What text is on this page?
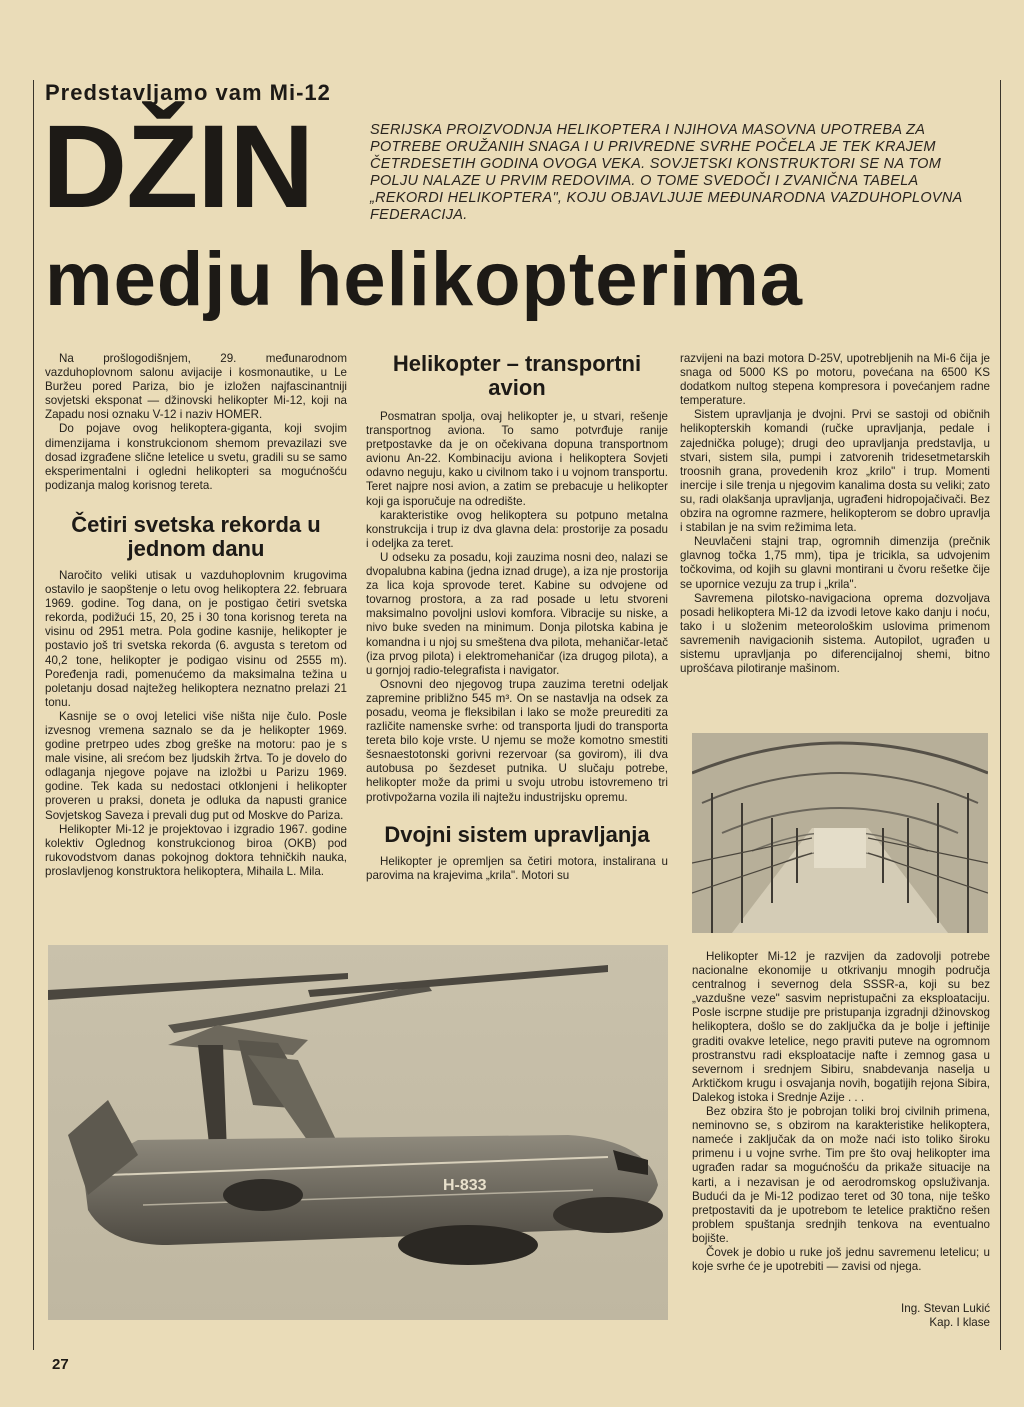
Predstavljamo vam Mi-12
DŽIN	SERIJSKA PROIZVODNJA HELIKOPTERA I NJIHOVA MASOVNA UPOTREBA ZA POTREBE ORUŽANIH SNAGA I U PRIVREDNE SVRHE POČELA JE TEK KRAJEM ČETRDESETIH GODINA OVOGA VEKA. SOVJETSKI KONSTRUKTORI SE NA TOM POLJU NALAZE U PRVIM REDOVIMA. O TOME SVEDOČI I ZVANIČNA TABELA „REKORDI HELIKOPTERA", KOJU OBJAVLJUJE MEĐUNARODNA VAZDUHOPLOVNA FEDERACIJA.
medju helikopterima

Na prošlogodišnjem, 29. međunarodnom vazduhoplovnom salonu avijacije i kosmonautike, u Le Buržeu pored Pariza, bio je izložen najfascinantniji sovjetski eksponat — džinovski helikopter Mi-12, koji na Zapadu nosi oznaku V-12 i naziv HOMER.

Do pojave ovog helikoptera-giganta, koji svojim dimenzijama i konstrukcionom shemom prevazilazi sve dosad izgrađene slične letelice u svetu, gradili su se samo eksperimentalni i ogledni helikopteri sa mogućnošću podizanja malog korisnog tereta.

Četiri svetska rekorda u jednom danu

Naročito veliki utisak u vazduhoplovnim krugovima ostavilo je saopštenje o letu ovog helikoptera 22. februara 1969. godine. Tog dana, on je postigao četiri svetska rekorda, podižući 15, 20, 25 i 30 tona korisnog tereta na visinu od 2951 metra. Pola godine kasnije, helikopter je postavio još tri svetska rekorda (6. avgusta s teretom od 40,2 tone, helikopter je podigao visinu od 2555 m). Poređenja radi, pomenućemo da maksimalna težina u poletanju dosad najtežeg helikoptera neznatno prelazi 21 tonu.

Kasnije se o ovoj letelici više ništa nije čulo. Posle izvesnog vremena saznalo se da je helikopter 1969. godine pretrpeo udes zbog greške na motoru: pao je s male visine, ali srećom bez ljudskih žrtva. To je dovelo do odlaganja njegove pojave na izložbi u Parizu 1969. godine. Tek kada su nedostaci otklonjeni i helikopter proveren u praksi, doneta je odluka da napusti granice Sovjetskog Saveza i prevali dug put od Moskve do Pariza.

Helikopter Mi-12 je projektovao i izgradio 1967. godine kolektiv Oglednog konstrukcionog biroa (OKB) pod rukovodstvom danas pokojnog doktora tehničkih nauka, proslavljenog konstruktora helikoptera, Mihaila L. Mila.

Helikopter – transportni avion

Posmatran spolja, ovaj helikopter je, u stvari, rešenje transportnog aviona. To samo potvrđuje ranije pretpostavke da je on očekivana dopuna transportnom avionu An-22. Kombinaciju aviona i helikoptera Sovjeti odavno neguju, kako u civilnom tako i u vojnom transportu. Teret najpre nosi avion, a zatim se prebacuje u helikopter koji ga isporučuje na odredište.

karakteristike ovog helikoptera su potpuno metalna konstrukcija i trup iz dva glavna dela: prostorije za posadu i odeljka za teret.

U odseku za posadu, koji zauzima nosni deo, nalazi se dvopalubna kabina (jedna iznad druge), a iza nje prostorija za lica koja sprovode teret. Kabine su odvojene od tovarnog prostora, a za rad posade u letu stvoreni maksimalno povoljni uslovi komfora. Vibracije su niske, a nivo buke sveden na minimum. Donja pilotska kabina je komandna i u njoj su smeštena dva pilota, mehaničar-letač (iza prvog pilota) i elektromehaničar (iza drugog pilota), a u gornjoj radio-telegrafista i navigator.

Osnovni deo njegovog trupa zauzima teretni odeljak zapremine približno 545 m³. On se nastavlja na odsek za posadu, veoma je fleksibilan i lako se može preurediti za različite namenske svrhe: od transporta ljudi do transporta tereta bilo koje vrste. U njemu se može komotno smestiti šesnaestotonski gorivni rezervoar (sa govirom), ili dva autobusa po šezdeset putnika. U slučaju potrebe, helikopter može da primi u svoju utrobu istovremeno tri protivpožarna vozila ili najtežu industrijsku opremu.

Dvojni sistem upravljanja

Helikopter je opremljen sa četiri motora, instalirana u parovima na krajevima „krila". Motori su

razvijeni na bazi motora D-25V, upotrebljenih na Mi-6 čija je snaga od 5000 KS po motoru, povećana na 6500 KS dodatkom nultog stepena kompresora i povećanjem radne temperature.

Sistem upravljanja je dvojni. Prvi se sastoji od običnih helikopterskih komandi (ručke upravljanja, pedale i zajednička poluge); drugi deo upravljanja predstavlja, u stvari, sistem sila, pumpi i zatvorenih tridesetmetarskih troosnih grana, provedenih kroz „krilo" i trup. Momenti inercije i sile trenja u njegovim kanalima dosta su veliki; zato su, radi olakšanja upravljanja, ugrađeni hidropojačivači. Bez obzira na ogromne razmere, helikopterom se dobro upravlja i stabilan je na svim režimima leta.

Neuvlačeni stajni trap, ogromnih dimenzija (prečnik glavnog točka 1,75 mm), tipa je tricikla, sa udvojenim točkovima, od kojih su glavni montirani u čvoru rešetke čije se upornice vezuju za trup i „krila".

Savremena pilotsko-navigaciona oprema dozvoljava posadi helikoptera Mi-12 da izvodi letove kako danju i noću, tako i u složenim meteorološkim uslovima primenom savremenih navigacionih sistema. Autopilot, ugrađen u sistemu upravljanja po diferencijalnoj shemi, bitno uprošćava pilotiranje mašinom.

Helikopter Mi-12 je razvijen da zadovolji potrebe nacionalne ekonomije u otkrivanju mnogih područja centralnog i severnog dela SSSR-a, koji su bez „vazdušne veze" sasvim nepristupačni za eksploataciju. Posle iscrpne studije pre pristupanja izgradnji džinovskog helikoptera, došlo se do zaključka da je bolje i jeftinije graditi ovakve letelice, nego praviti puteve na ogromnom prostranstvu radi eksploatacije nafte i zemnog gasa u severnom i srednjem Sibiru, snabdevanja naselja u Arktičkom krugu i osvajanja novih, bogatijih rejona Sibira, Dalekog istoka i Srednje Azije . . .

Bez obzira što je pobrojan toliki broj civilnih primena, neminovno se, s obzirom na karakteristike helikoptera, nameće i zaključak da on može naći isto toliko široku primenu i u vojne svrhe. Tim pre što ovaj helikopter ima ugrađen radar sa mogućnošću da prikaže situacije na karti, a i nezavisan je od aerodromskog opsluživanja. Budući da je Mi-12 podizao teret od 30 tona, nije teško pretpostaviti da je upotrebom te letelice praktično rešen problem spuštanja srednjih tenkova na eventualno bojište.

Čovek je dobio u ruke još jednu savremenu letelicu; u koje svrhe će je upotrebiti — zavisi od njega.

H-833
Ing. Stevan Lukić
Kap. I klase
27
